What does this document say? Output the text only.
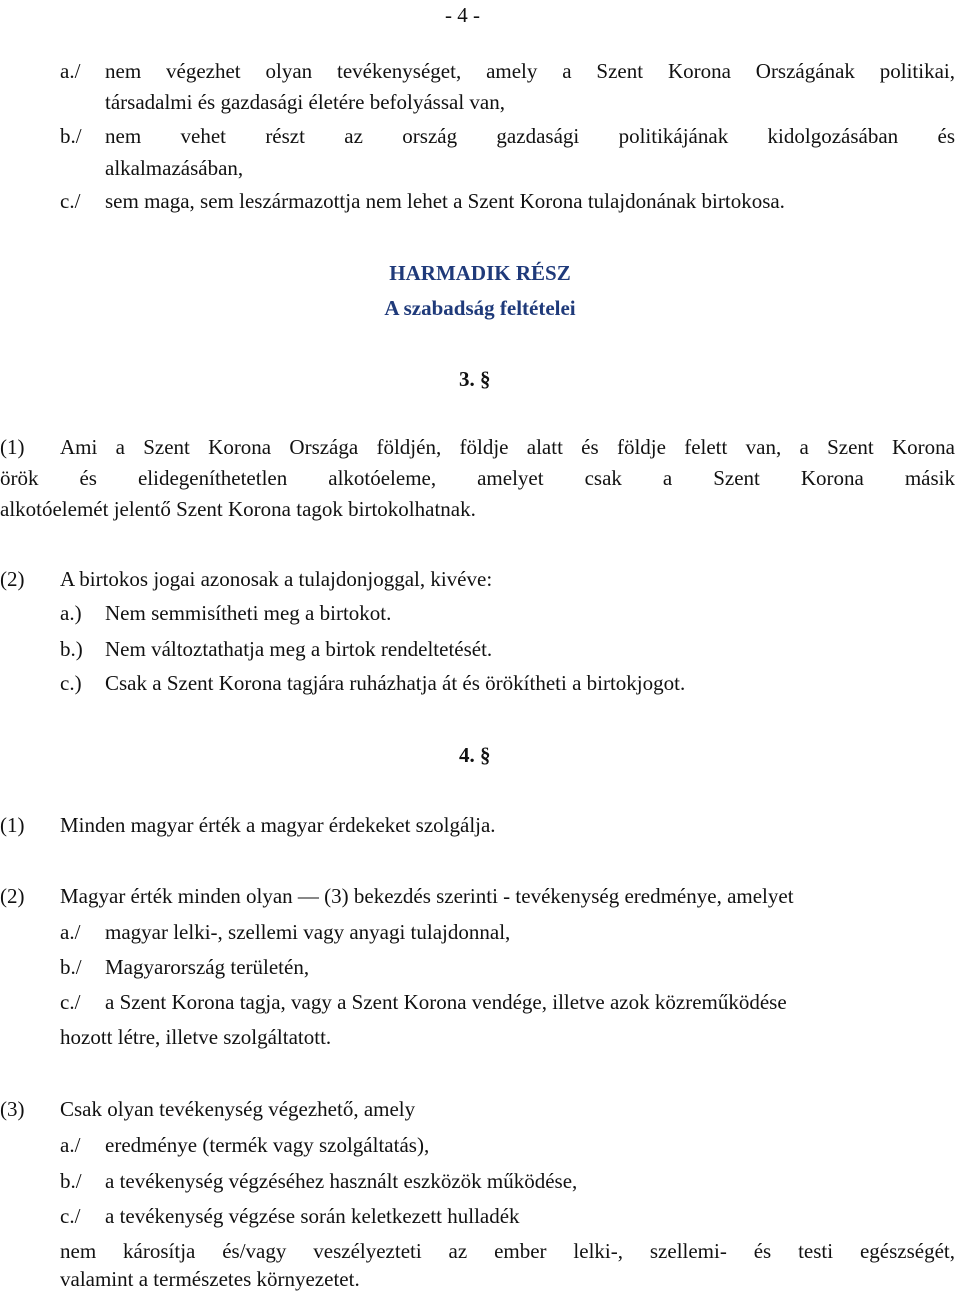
- 4 -
a./ nem végezhet olyan tevékenységet, amely a Szent Korona Országának politikai,
társadalmi és gazdasági életére befolyással van,
b./ nem vehet részt az ország gazdasági politikájának kidolgozásában és
alkalmazásában,
c./ sem maga, sem leszármazottja nem lehet a Szent Korona tulajdonának birtokosa.
HARMADIK RÉSZ
A szabadság feltételei
3. §
(1) Ami a Szent Korona Országa földjén, földje alatt és földje felett van, a Szent Korona
örök és elidegeníthetetlen alkotóeleme, amelyet csak a Szent Korona másik
alkotóelemét jelentő Szent Korona tagok birtokolhatnak.
(2) A birtokos jogai azonosak a tulajdonjoggal, kivéve:
a.) Nem semmisítheti meg a birtokot.
b.) Nem változtathatja meg a birtok rendeltetését.
c.) Csak a Szent Korona tagjára ruházhatja át és örökítheti a birtokjogot.
4. §
(1) Minden magyar érték a magyar érdekeket szolgálja.
(2) Magyar érték minden olyan — (3) bekezdés szerinti - tevékenység eredménye, amelyet
a./ magyar lelki-, szellemi vagy anyagi tulajdonnal,
b./ Magyarország területén,
c./ a Szent Korona tagja, vagy a Szent Korona vendége, illetve azok közreműködése
hozott létre, illetve szolgáltatott.
(3) Csak olyan tevékenység végezhető, amely
a./ eredménye (termék vagy szolgáltatás),
b./ a tevékenység végzéséhez használt eszközök működése,
c./ a tevékenység végzése során keletkezett hulladék
nem károsítja és/vagy veszélyezteti az ember lelki-, szellemi- és testi egészségét,
valamint a természetes környezetet.
